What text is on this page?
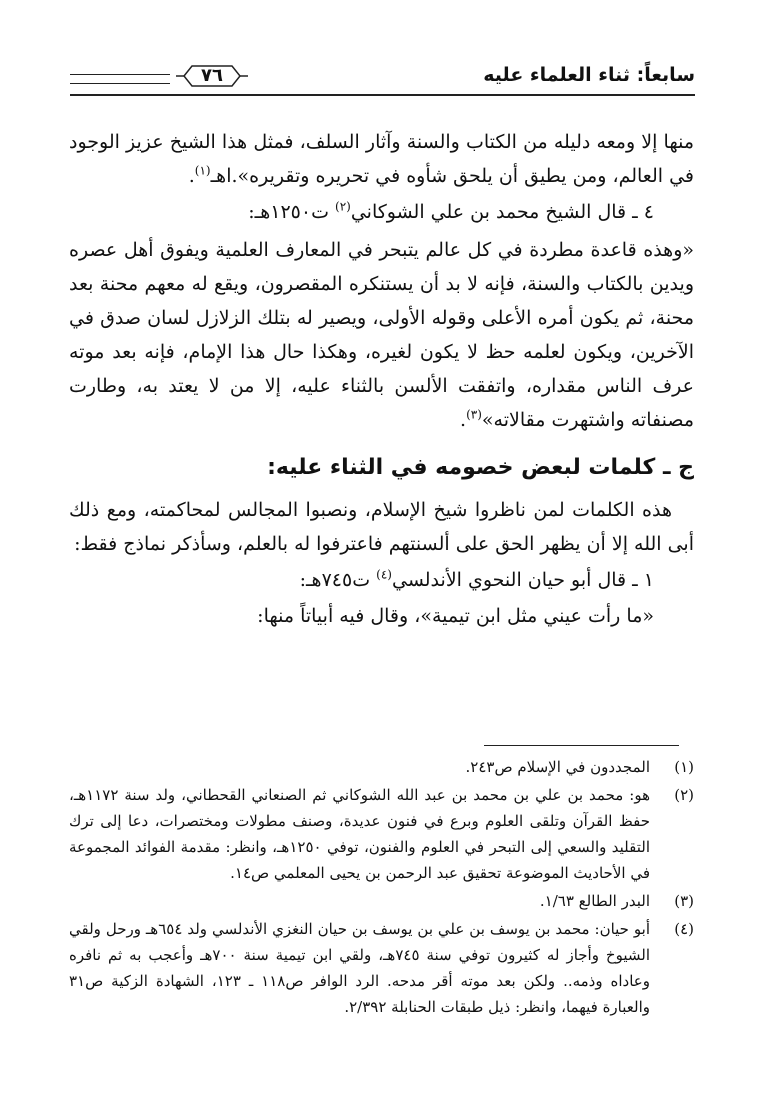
سابعاً: ثناء العلماء عليه
٧٦

منها إلا ومعه دليله من الكتاب والسنة وآثار السلف، فمثل هذا الشيخ عزيز الوجود في العالم، ومن يطيق أن يلحق شأوه في تحريره وتقريره».اهـ$^{(١)}$.

٤ ـ قال الشيخ محمد بن علي الشوكاني$^{(٢)}$ ت١٢٥٠هـ:

«وهذه قاعدة مطردة في كل عالم يتبحر في المعارف العلمية ويفوق أهل عصره ويدين بالكتاب والسنة، فإنه لا بد أن يستنكره المقصرون، ويقع له معهم محنة بعد محنة، ثم يكون أمره الأعلى وقوله الأولى، ويصير له بتلك الزلازل لسان صدق في الآخرين، ويكون لعلمه حظ لا يكون لغيره، وهكذا حال هذا الإمام، فإنه بعد موته عرف الناس مقداره، واتفقت الألسن بالثناء عليه، إلا من لا يعتد به، وطارت مصنفاته واشتهرت مقالاته»$^{(٣)}$.

ج ـ كلمات لبعض خصومه في الثناء عليه:

هذه الكلمات لمن ناظروا شيخ الإسلام، ونصبوا المجالس لمحاكمته، ومع ذلك أبى الله إلا أن يظهر الحق على ألسنتهم فاعترفوا له بالعلم، وسأذكر نماذج فقط:

١ ـ قال أبو حيان النحوي الأندلسي$^{(٤)}$ ت٧٤٥هـ:

«ما رأت عيني مثل ابن تيمية»، وقال فيه أبياتاً منها:

(١)
المجددون في الإسلام ص٢٤٣.

(٢)
هو: محمد بن علي بن محمد بن عبد الله الشوكاني ثم الصنعاني القحطاني، ولد سنة ١١٧٢هـ، حفظ القرآن وتلقى العلوم وبرع في فنون عديدة، وصنف مطولات ومختصرات، دعا إلى ترك التقليد والسعي إلى التبحر في العلوم والفنون، توفي ١٢٥٠هـ، وانظر: مقدمة الفوائد المجموعة في الأحاديث الموضوعة تحقيق عبد الرحمن بن يحيى المعلمي ص١٤.

(٣)
البدر الطالع ١/٦٣.

(٤)
أبو حيان: محمد بن يوسف بن علي بن يوسف بن حيان النغزي الأندلسي ولد ٦٥٤هـ ورحل ولقي الشيوخ وأجاز له كثيرون توفي سنة ٧٤٥هـ، ولقي ابن تيمية سنة ٧٠٠هـ وأعجب به ثم نافره وعاداه وذمه.. ولكن بعد موته أقر مدحه. الرد الوافر ص١١٨ ـ ١٢٣، الشهادة الزكية ص٣١ والعبارة فيهما، وانظر: ذيل طبقات الحنابلة ٢/٣٩٢.
